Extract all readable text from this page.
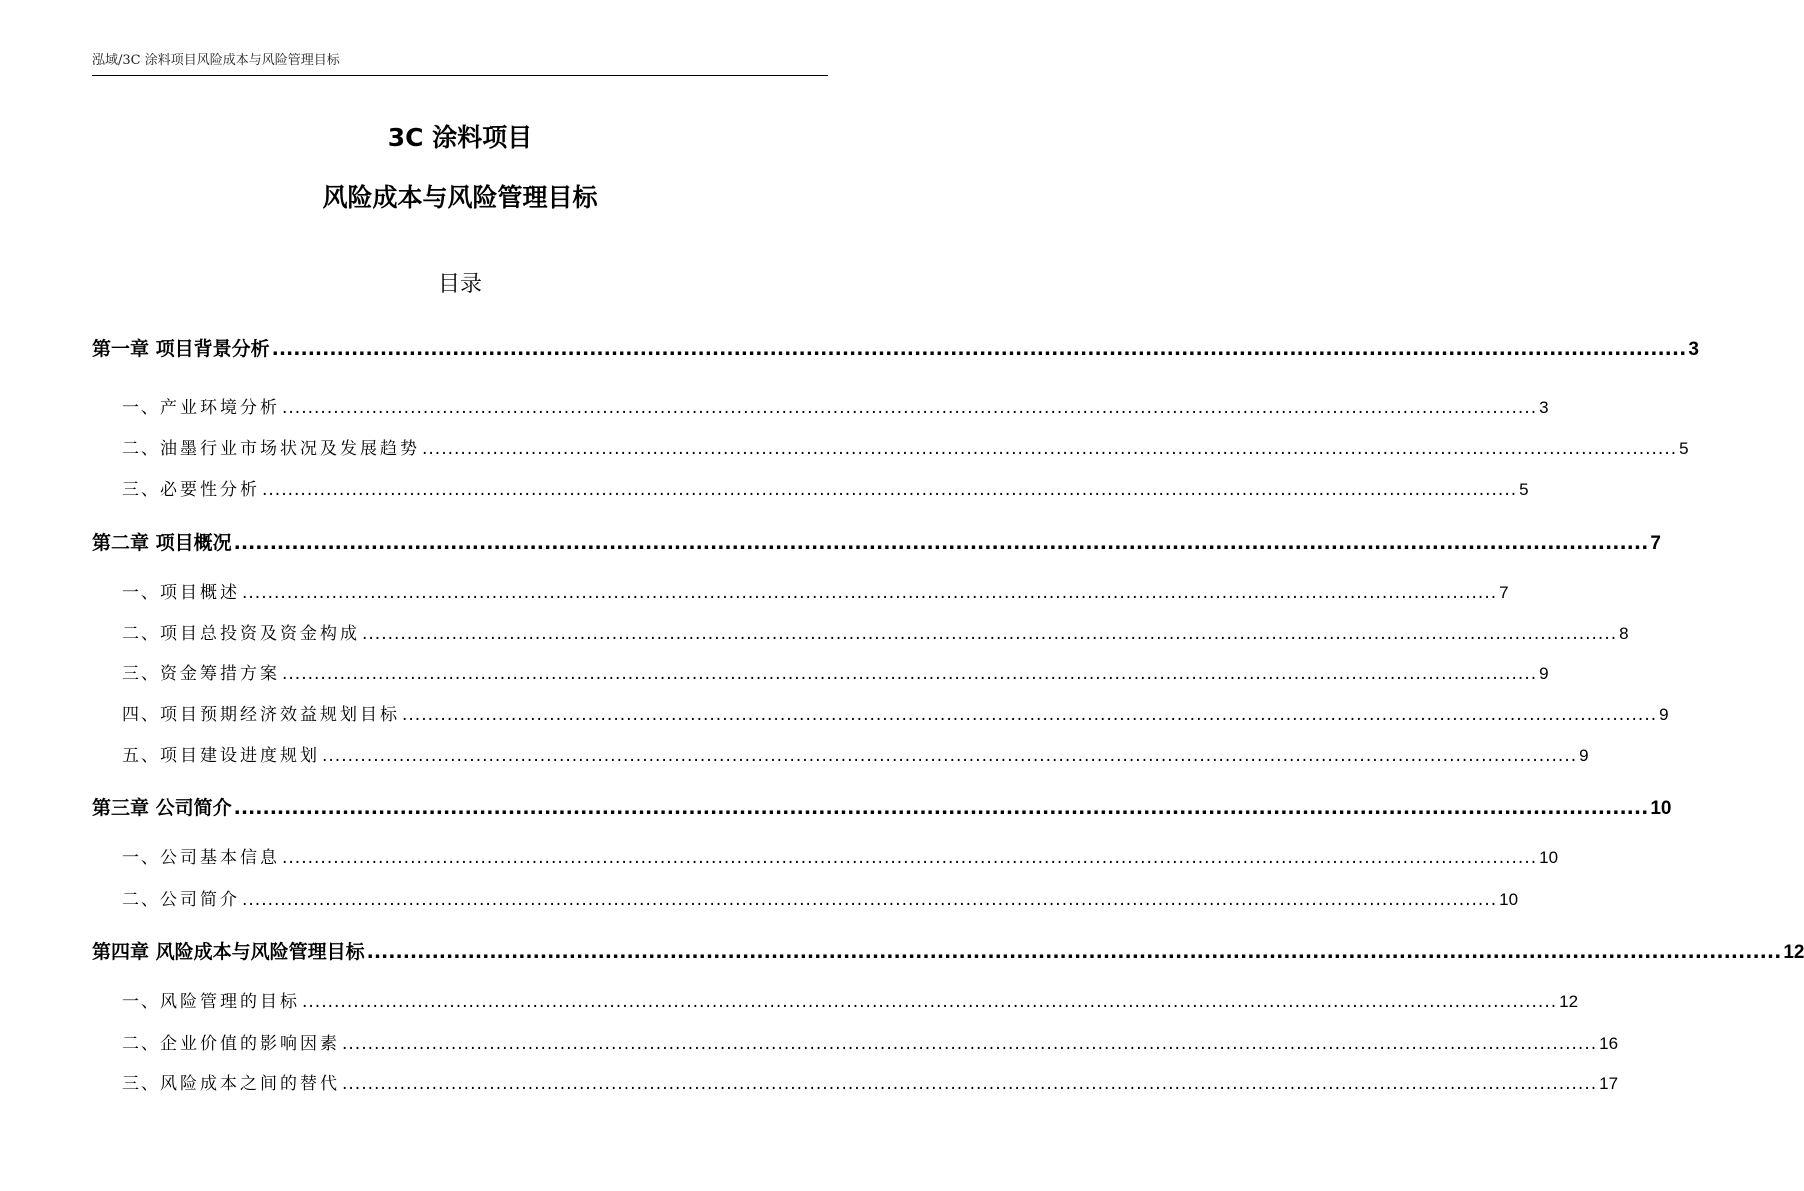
泓域/3C 涂料项目风险成本与风险管理目标
3C 涂料项目
风险成本与风险管理目标
目录
第一章 项目背景分析 .................................................................................................................................................................................................... 3
一、 产业环境分析 .................................................................................................................................................................................................... 3
二、 油墨行业市场状况及发展趋势 .................................................................................................................................................................................................... 5
三、 必要性分析 .................................................................................................................................................................................................... 5
第二章 项目概况 .................................................................................................................................................................................................... 7
一、 项目概述 .................................................................................................................................................................................................... 7
二、 项目总投资及资金构成 .................................................................................................................................................................................................... 8
三、 资金筹措方案 .................................................................................................................................................................................................... 9
四、 项目预期经济效益规划目标 .................................................................................................................................................................................................... 9
五、 项目建设进度规划 .................................................................................................................................................................................................... 9
第三章 公司简介 .................................................................................................................................................................................................... 10
一、 公司基本信息 .................................................................................................................................................................................................... 10
二、 公司简介 .................................................................................................................................................................................................... 10
第四章 风险成本与风险管理目标 .................................................................................................................................................................................................... 12
一、 风险管理的目标 .................................................................................................................................................................................................... 12
二、 企业价值的影响因素 .................................................................................................................................................................................................... 16
三、 风险成本之间的替代 .................................................................................................................................................................................................... 17
